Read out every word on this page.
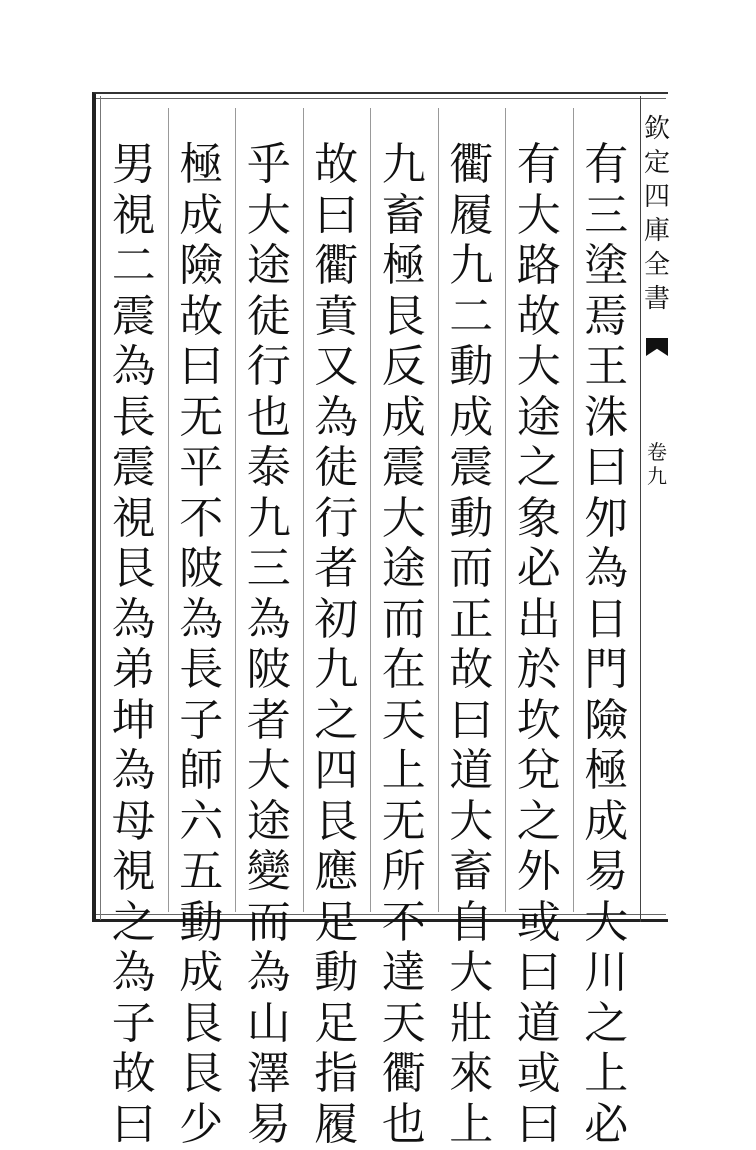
欽
定
四
庫
全
書
卷
九
有
三
塗
焉
王
洙
曰
夘
為
日
門
險
極
成
易
大
川
之
上
必
有
大
路
故
大
途
之
象
必
出
於
坎
兌
之
外
或
曰
道
或
曰
衢
履
九
二
動
成
震
動
而
正
故
曰
道
大
畜
自
大
壯
來
上
九
畜
極
艮
反
成
震
大
途
而
在
天
上
无
所
不
達
天
衢
也
故
曰
衢
賁
又
為
徒
行
者
初
九
之
四
艮
應
足
動
足
指
履
乎
大
途
徒
行
也
泰
九
三
為
陂
者
大
途
變
而
為
山
澤
易
極
成
險
故
曰
无
平
不
陂
為
長
子
師
六
五
動
成
艮
艮
少
男
視
二
震
為
長
震
視
艮
為
弟
坤
為
母
視
之
為
子
故
曰
